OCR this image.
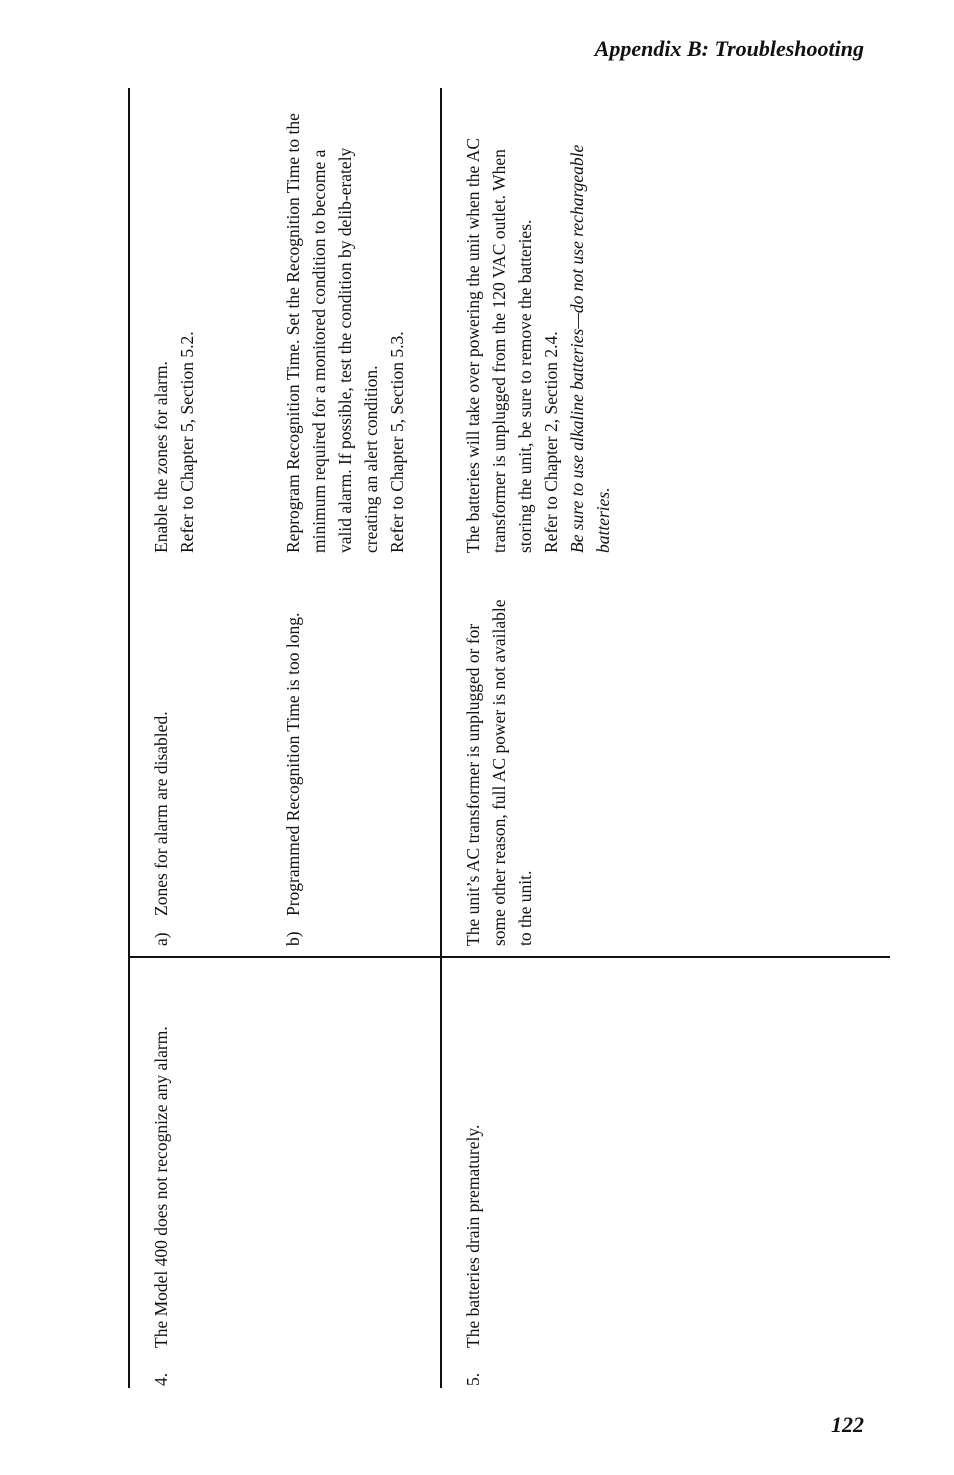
Appendix B: Troubleshooting
4.
The Model 400 does not recognize any alarm.
a)
Zones for alarm are disabled.

Enable the zones for alarm. Refer to Chapter 5, Section 5.2.

b)
Programmed Recognition Time is too long.

Reprogram Recognition Time. Set the Recognition Time to the minimum required for a monitored condition to become a valid alarm. If possible, test the condition by delib-erately creating an alert condition. Refer to Chapter 5, Section 5.3.

5.
The batteries drain prematurely.
The unit’s AC transformer is unplugged or for some other reason, full AC power is not available to the unit.

The batteries will take over powering the unit when the AC transformer is unplugged from the 120 VAC outlet. When storing the unit, be sure to remove the batteries. Refer to Chapter 2, Section 2.4. Be sure to use alkaline batteries—do not use rechargeable batteries.

122
